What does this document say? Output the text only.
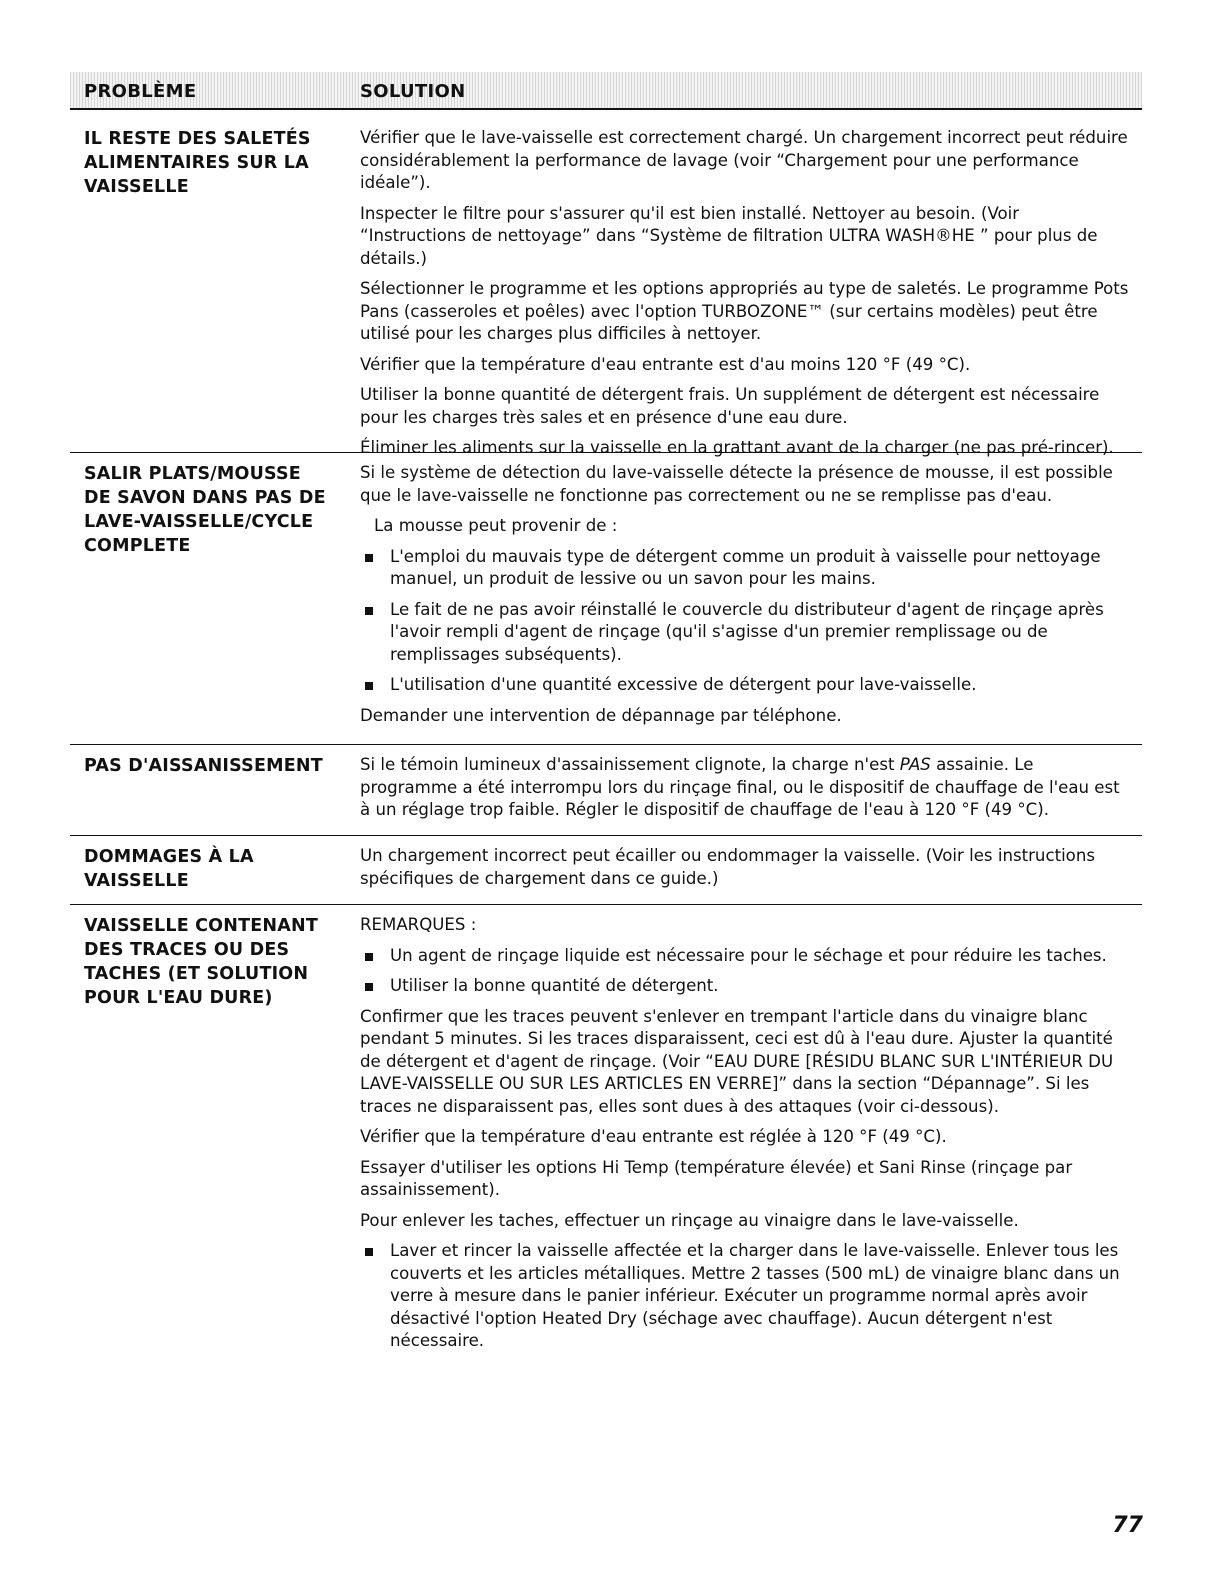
PROBLÈME	SOLUTION
IL RESTE DES SALETÉS ALIMENTAIRES SUR LA VAISSELLE

Vérifier que le lave-vaisselle est correctement chargé. Un chargement incorrect peut réduire considérablement la performance de lavage (voir “Chargement pour une performance idéale”).

Inspecter le filtre pour s'assurer qu'il est bien installé. Nettoyer au besoin. (Voir “Instructions de nettoyage” dans “Système de filtration ULTRA WASH®HE ” pour plus de détails.)

Sélectionner le programme et les options appropriés au type de saletés. Le programme Pots Pans (casseroles et poêles) avec l'option TURBOZONE™ (sur certains modèles) peut être utilisé pour les charges plus difficiles à nettoyer.

Vérifier que la température d'eau entrante est d'au moins 120 °F (49 °C).

Utiliser la bonne quantité de détergent frais. Un supplément de détergent est nécessaire pour les charges très sales et en présence d'une eau dure.

Éliminer les aliments sur la vaisselle en la grattant avant de la charger (ne pas pré-rincer).

SALIR PLATS/MOUSSE DE SAVON DANS PAS DE LAVE-VAISSELLE/CYCLE COMPLETE

Si le système de détection du lave-vaisselle détecte la présence de mousse, il est possible que le lave-vaisselle ne fonctionne pas correctement ou ne se remplisse pas d'eau.

La mousse peut provenir de :

L'emploi du mauvais type de détergent comme un produit à vaisselle pour nettoyage manuel, un produit de lessive ou un savon pour les mains.
Le fait de ne pas avoir réinstallé le couvercle du distributeur d'agent de rinçage après l'avoir rempli d'agent de rinçage (qu'il s'agisse d'un premier remplissage ou de remplissages subséquents).
L'utilisation d'une quantité excessive de détergent pour lave-vaisselle.

Demander une intervention de dépannage par téléphone.

PAS D'AISSANISSEMENT	Si le témoin lumineux d'assainissement clignote, la charge n'est PAS assainie. Le programme a été interrompu lors du rinçage final, ou le dispositif de chauffage de l'eau est à un réglage trop faible. Régler le dispositif de chauffage de l'eau à 120 °F (49 °C).

DOMMAGES À LA VAISSELLE

Un chargement incorrect peut écailler ou endommager la vaisselle. (Voir les instructions spécifiques de chargement dans ce guide.)

VAISSELLE CONTENANT DES TRACES OU DES TACHES (ET SOLUTION POUR L'EAU DURE)

REMARQUES :

Un agent de rinçage liquide est nécessaire pour le séchage et pour réduire les taches.
Utiliser la bonne quantité de détergent.

Confirmer que les traces peuvent s'enlever en trempant l'article dans du vinaigre blanc pendant 5 minutes. Si les traces disparaissent, ceci est dû à l'eau dure. Ajuster la quantité de détergent et d'agent de rinçage. (Voir “EAU DURE [RÉSIDU BLANC SUR L'INTÉRIEUR DU LAVE-VAISSELLE OU SUR LES ARTICLES EN VERRE]” dans la section “Dépannage”. Si les traces ne disparaissent pas, elles sont dues à des attaques (voir ci-dessous).

Vérifier que la température d'eau entrante est réglée à 120 °F (49 °C).

Essayer d'utiliser les options Hi Temp (température élevée) et Sani Rinse (rinçage par assainissement).

Pour enlever les taches, effectuer un rinçage au vinaigre dans le lave-vaisselle.

Laver et rincer la vaisselle affectée et la charger dans le lave-vaisselle. Enlever tous les couverts et les articles métalliques. Mettre 2 tasses (500 mL) de vinaigre blanc dans un verre à mesure dans le panier inférieur. Exécuter un programme normal après avoir désactivé l'option Heated Dry (séchage avec chauffage). Aucun détergent n'est nécessaire.
77
